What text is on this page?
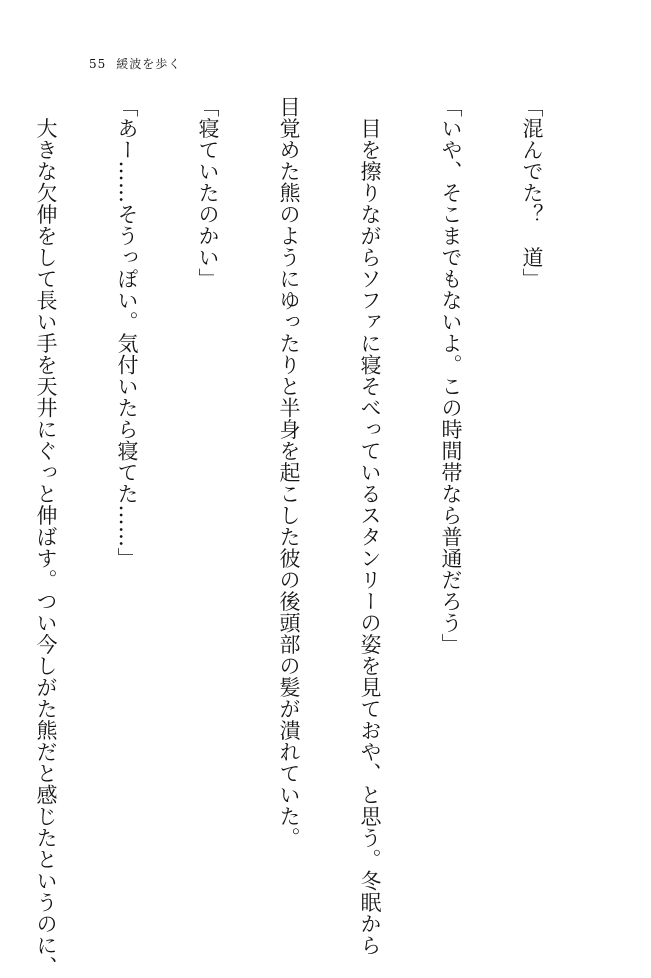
55 緩波を歩く

「混んでた？　道」

「いや、そこまでもないよ。この時間帯なら普通だろう」

　目を擦りながらソファに寝そべっているスタンリーの姿を見ておや、と思う。冬眠から

目覚めた熊のようにゆったりと半身を起こした彼の後頭部の髪が潰れていた。

「寝ていたのかい」

「あー……そうっぽい。気付いたら寝てた……」

　大きな欠伸をして長い手を天井にぐっと伸ばす。つい今しがた熊だと感じたというのに、
